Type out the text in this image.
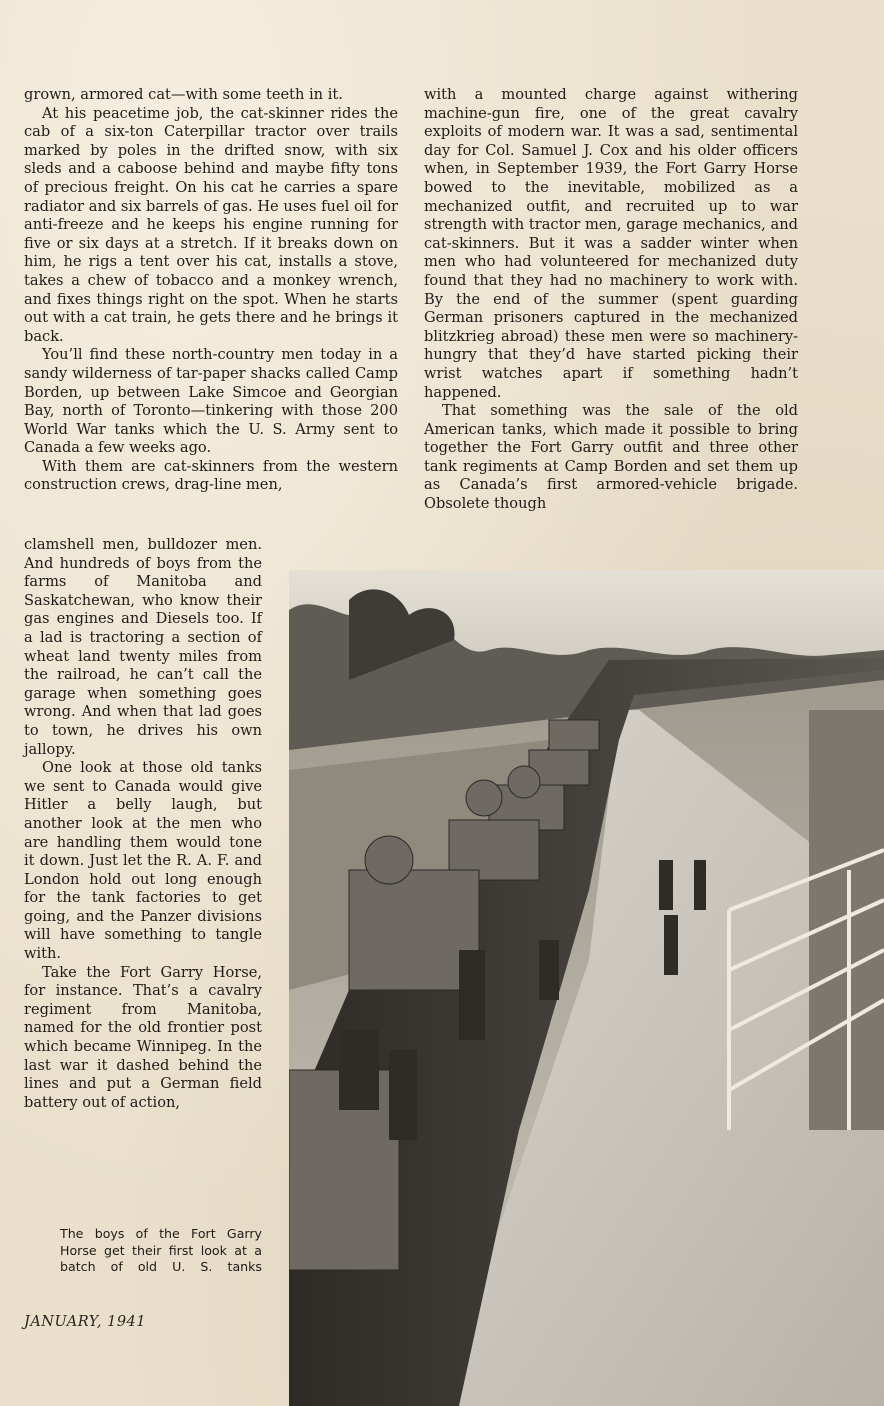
grown, armored cat—with some teeth in it.

At his peacetime job, the cat-skinner rides the cab of a six-ton Caterpillar tractor over trails marked by poles in the drifted snow, with six sleds and a caboose behind and maybe fifty tons of precious freight. On his cat he carries a spare radiator and six barrels of gas. He uses fuel oil for anti-freeze and he keeps his engine running for five or six days at a stretch. If it breaks down on him, he rigs a tent over his cat, installs a stove, takes a chew of tobacco and a monkey wrench, and fixes things right on the spot. When he starts out with a cat train, he gets there and he brings it back.

You’ll find these north-country men today in a sandy wilderness of tar-paper shacks called Camp Borden, up between Lake Simcoe and Georgian Bay, north of Toronto—tinkering with those 200 World War tanks which the U. S. Army sent to Canada a few weeks ago.

With them are cat-skinners from the western construction crews, drag-line men,

with a mounted charge against withering machine-gun fire, one of the great cavalry exploits of modern war. It was a sad, sentimental day for Col. Samuel J. Cox and his older officers when, in September 1939, the Fort Garry Horse bowed to the inevitable, mobilized as a mechanized outfit, and recruited up to war strength with tractor men, garage mechanics, and cat-skinners. But it was a sadder winter when men who had volunteered for mechanized duty found that they had no machinery to work with. By the end of the summer (spent guarding German prisoners captured in the mechanized blitzkrieg abroad) these men were so machinery-hungry that they’d have started picking their wrist watches apart if something hadn’t happened.

That something was the sale of the old American tanks, which made it possible to bring together the Fort Garry outfit and three other tank regiments at Camp Borden and set them up as Canada’s first armored-vehicle brigade. Obsolete though

clamshell men, bulldozer men. And hundreds of boys from the farms of Manitoba and Saskatchewan, who know their gas engines and Diesels too. If a lad is tractoring a section of wheat land twenty miles from the railroad, he can’t call the garage when something goes wrong. And when that lad goes to town, he drives his own jallopy.

One look at those old tanks we sent to Canada would give Hitler a belly laugh, but another look at the men who are handling them would tone it down. Just let the R. A. F. and London hold out long enough for the tank factories to get going, and the Panzer divisions will have something to tangle with.

Take the Fort Garry Horse, for instance. That’s a cavalry regiment from Manitoba, named for the old frontier post which became Winnipeg. In the last war it dashed behind the lines and put a German field battery out of action,

The boys of the Fort Garry Horse get their first look at a batch of old U. S. tanks
JANUARY, 1941
